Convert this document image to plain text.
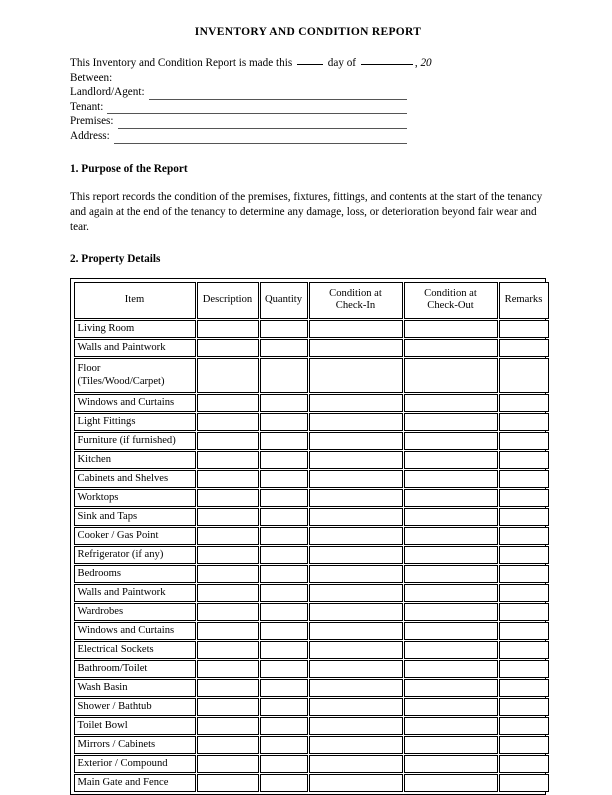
INVENTORY AND CONDITION REPORT
This Inventory and Condition Report is made this	day of	, 20
Between:
Landlord/Agent:
Tenant:
Premises:
Address:
1. Purpose of the Report
This report records the condition of the premises, fixtures, fittings, and contents at the start of the tenancy and again at the end of the tenancy to determine any damage, loss, or deterioration beyond fair wear and tear.
2. Property Details
Item	Description	Quantity	Condition at
Check-In	Condition at
Check-Out	Remarks
Living Room					
Walls and Paintwork					
Floor
(Tiles/Wood/Carpet)					
Windows and Curtains					
Light Fittings					
Furniture (if furnished)					
Kitchen					
Cabinets and Shelves					
Worktops					
Sink and Taps					
Cooker / Gas Point					
Refrigerator (if any)					
Bedrooms					
Walls and Paintwork					
Wardrobes					
Windows and Curtains					
Electrical Sockets					
Bathroom/Toilet					
Wash Basin					
Shower / Bathtub					
Toilet Bowl					
Mirrors / Cabinets					
Exterior / Compound					
Main Gate and Fence					
